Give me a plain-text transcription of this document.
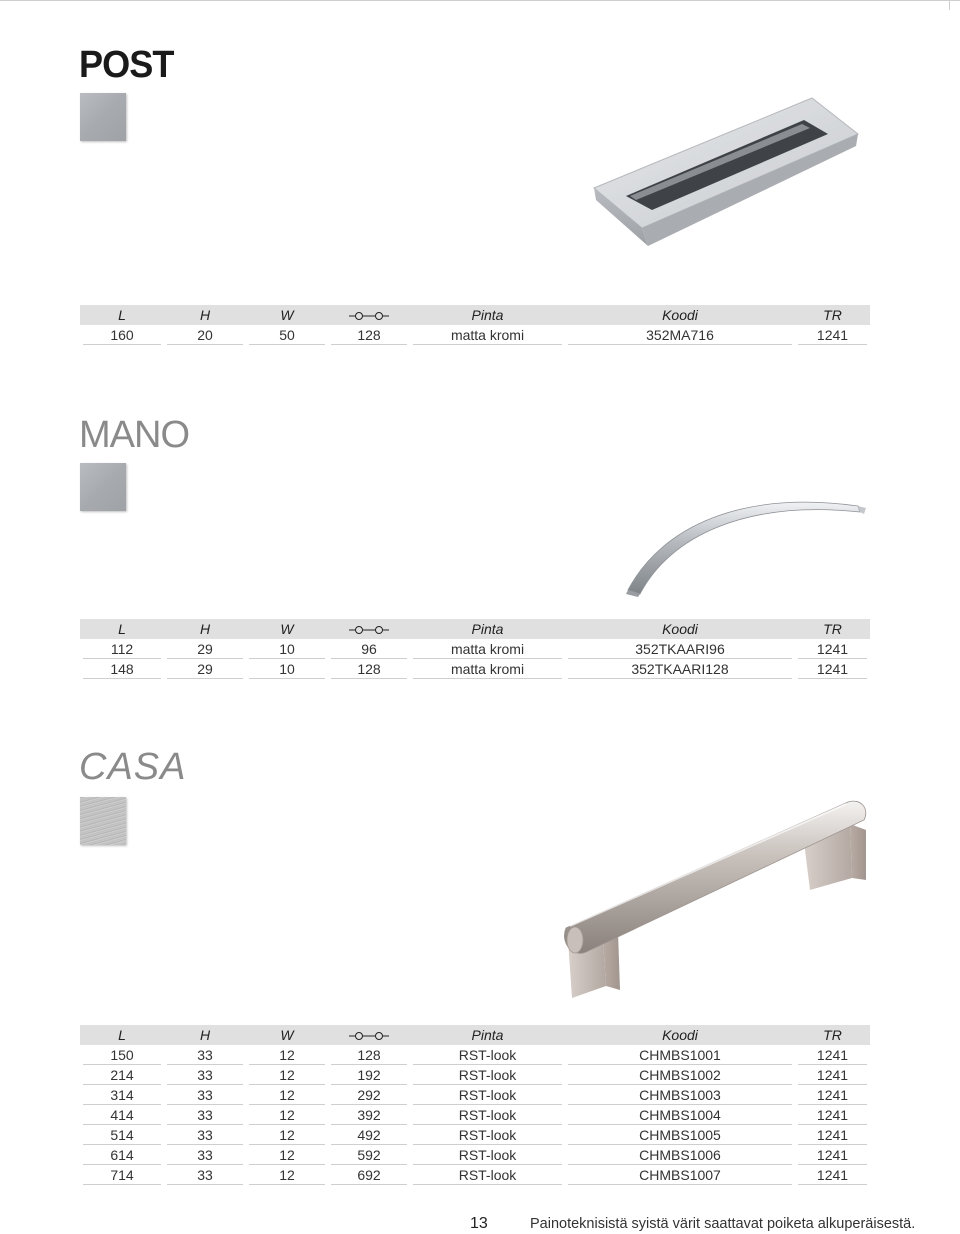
POST
L	H	W		Pinta	Koodi	TR
160	20	50	128	matta kromi	352MA716	1241
MANO
L	H	W		Pinta	Koodi	TR
112	29	10	96	matta kromi	352TKAARI96	1241
148	29	10	128	matta kromi	352TKAARI128	1241
CASA
L	H	W		Pinta	Koodi	TR
150	33	12	128	RST-look	CHMBS1001	1241
214	33	12	192	RST-look	CHMBS1002	1241
314	33	12	292	RST-look	CHMBS1003	1241
414	33	12	392	RST-look	CHMBS1004	1241
514	33	12	492	RST-look	CHMBS1005	1241
614	33	12	592	RST-look	CHMBS1006	1241
714	33	12	692	RST-look	CHMBS1007	1241
13	Painoteknisistä syistä värit saattavat poiketa alkuperäisestä.
